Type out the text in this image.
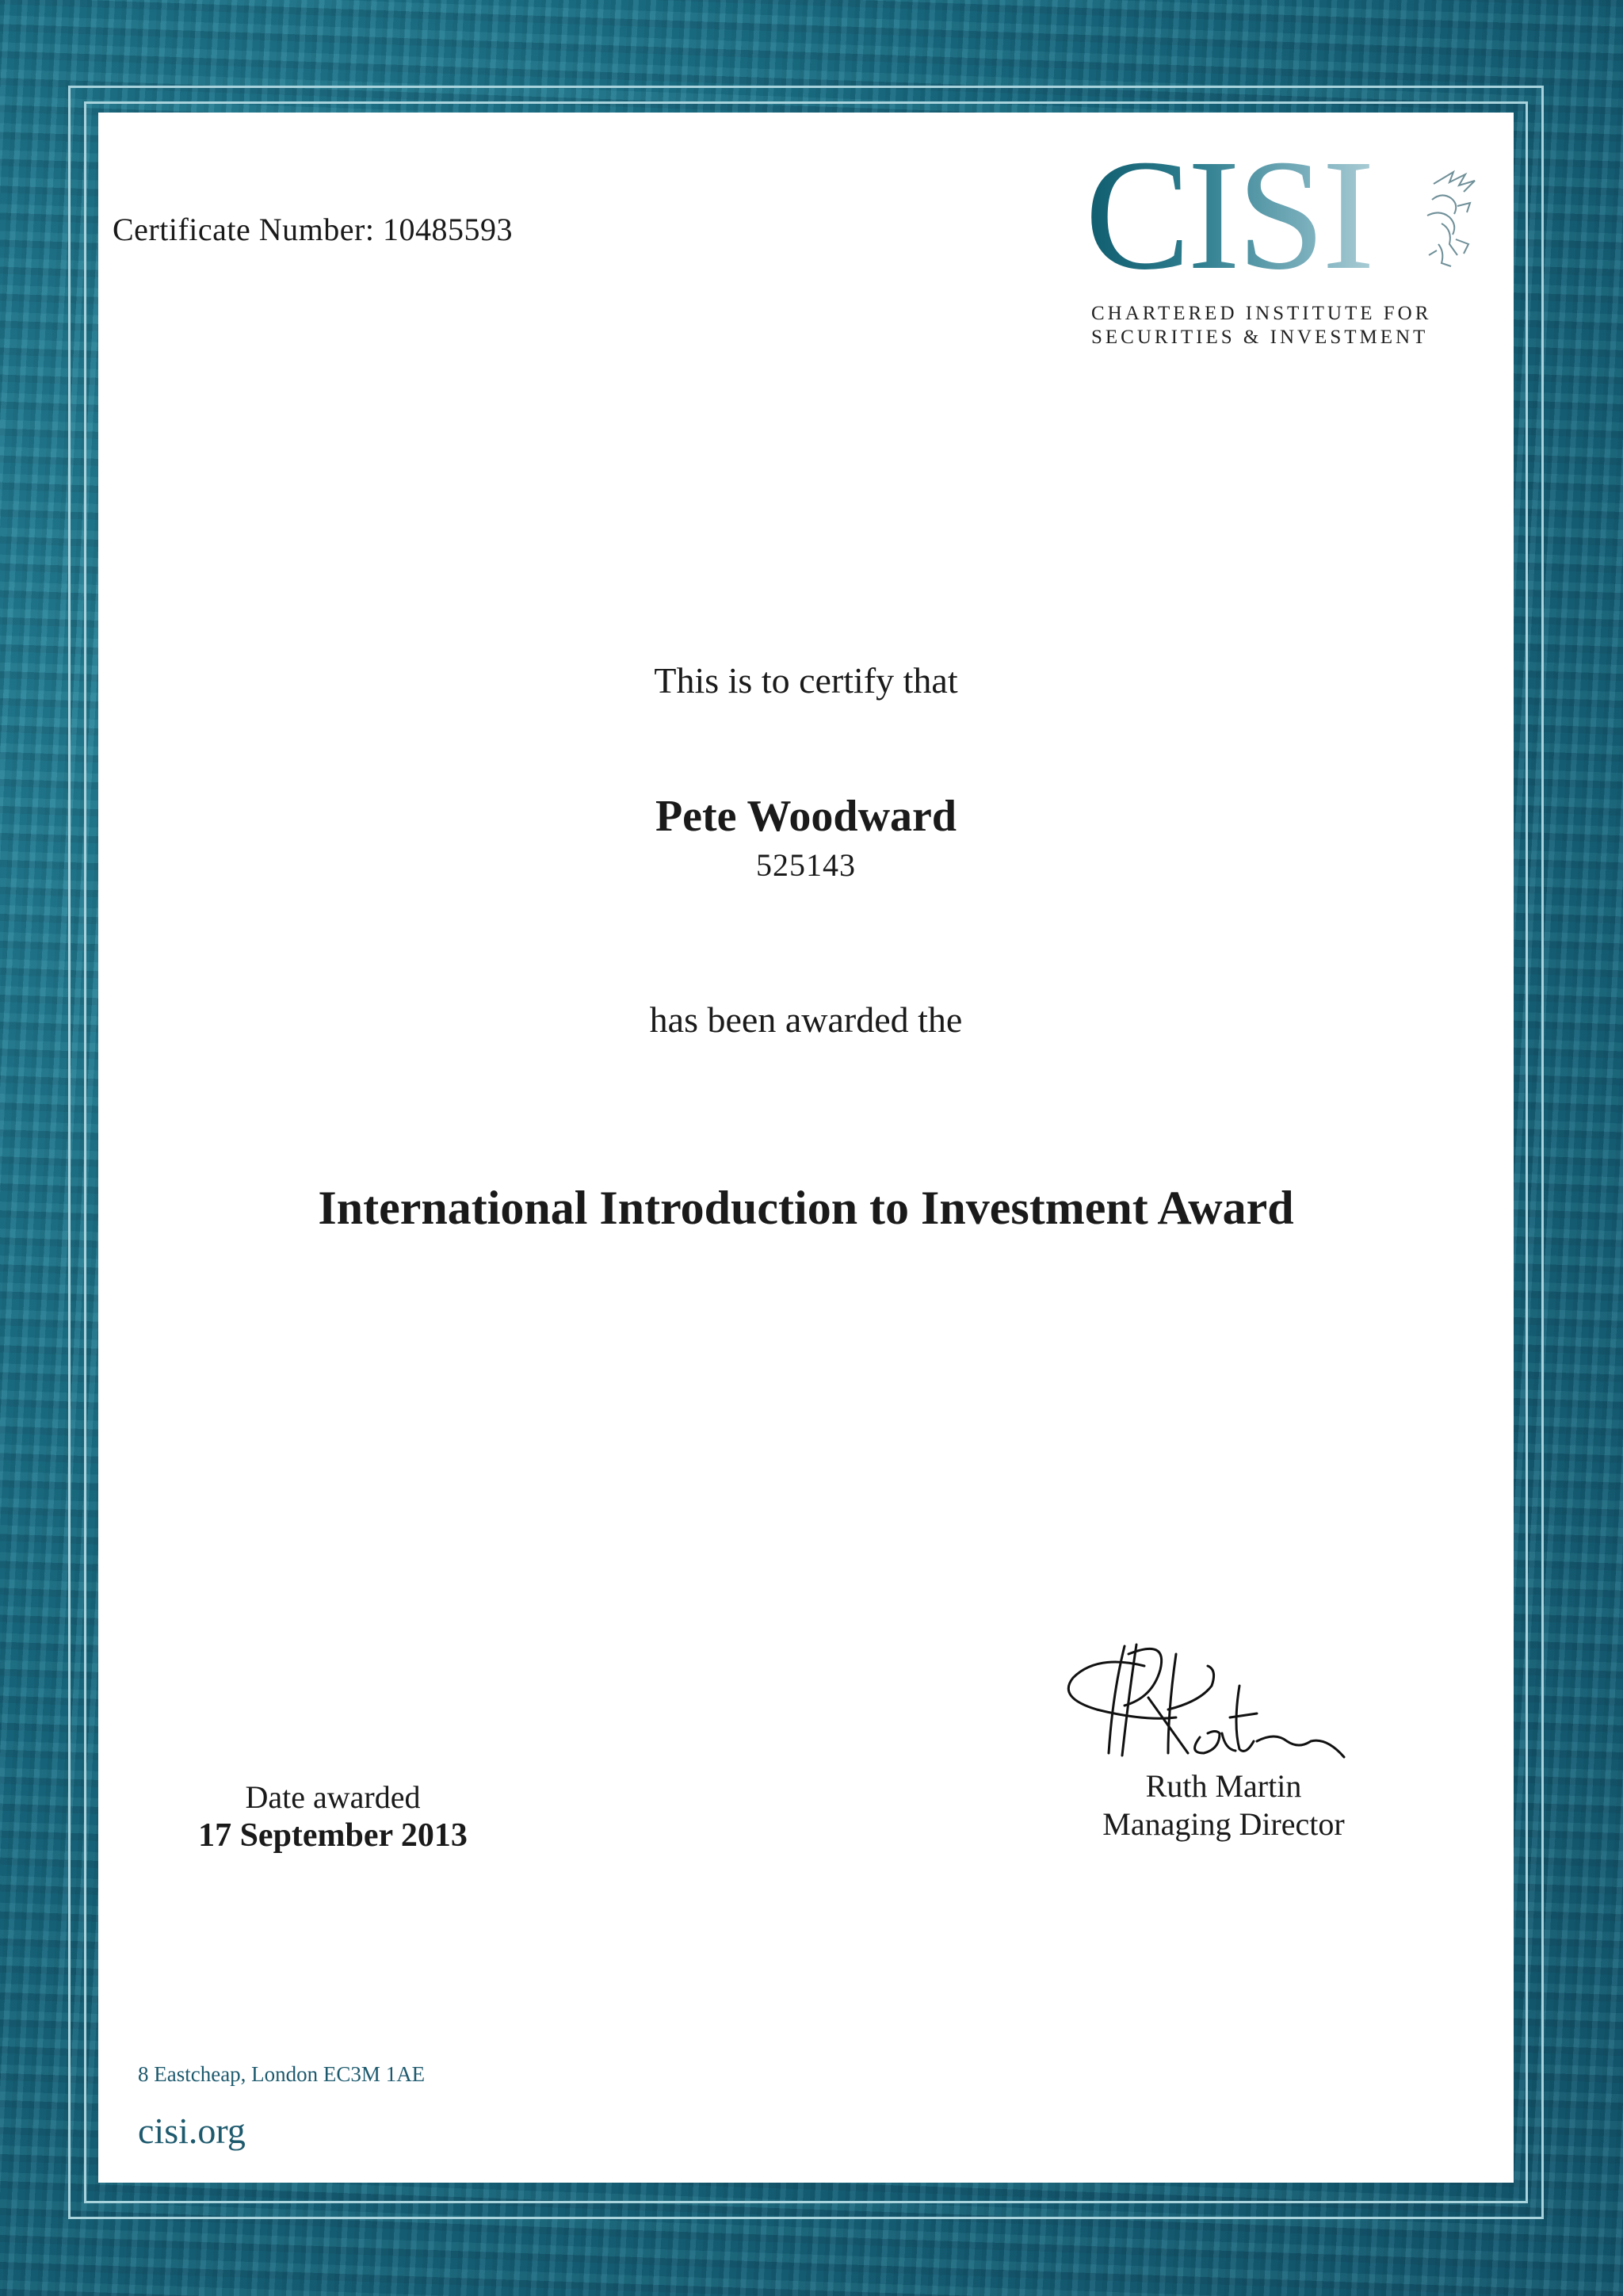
Certificate Number: 10485593	CISI
CHARTERED INSTITUTE FOR
SECURITIES & INVESTMENT
This is to certify that
Pete Woodward
525143
has been awarded the
International Introduction to Investment Award
Date awarded
17 September 2013
Ruth Martin
Managing Director
8 Eastcheap, London EC3M 1AE
cisi.org
